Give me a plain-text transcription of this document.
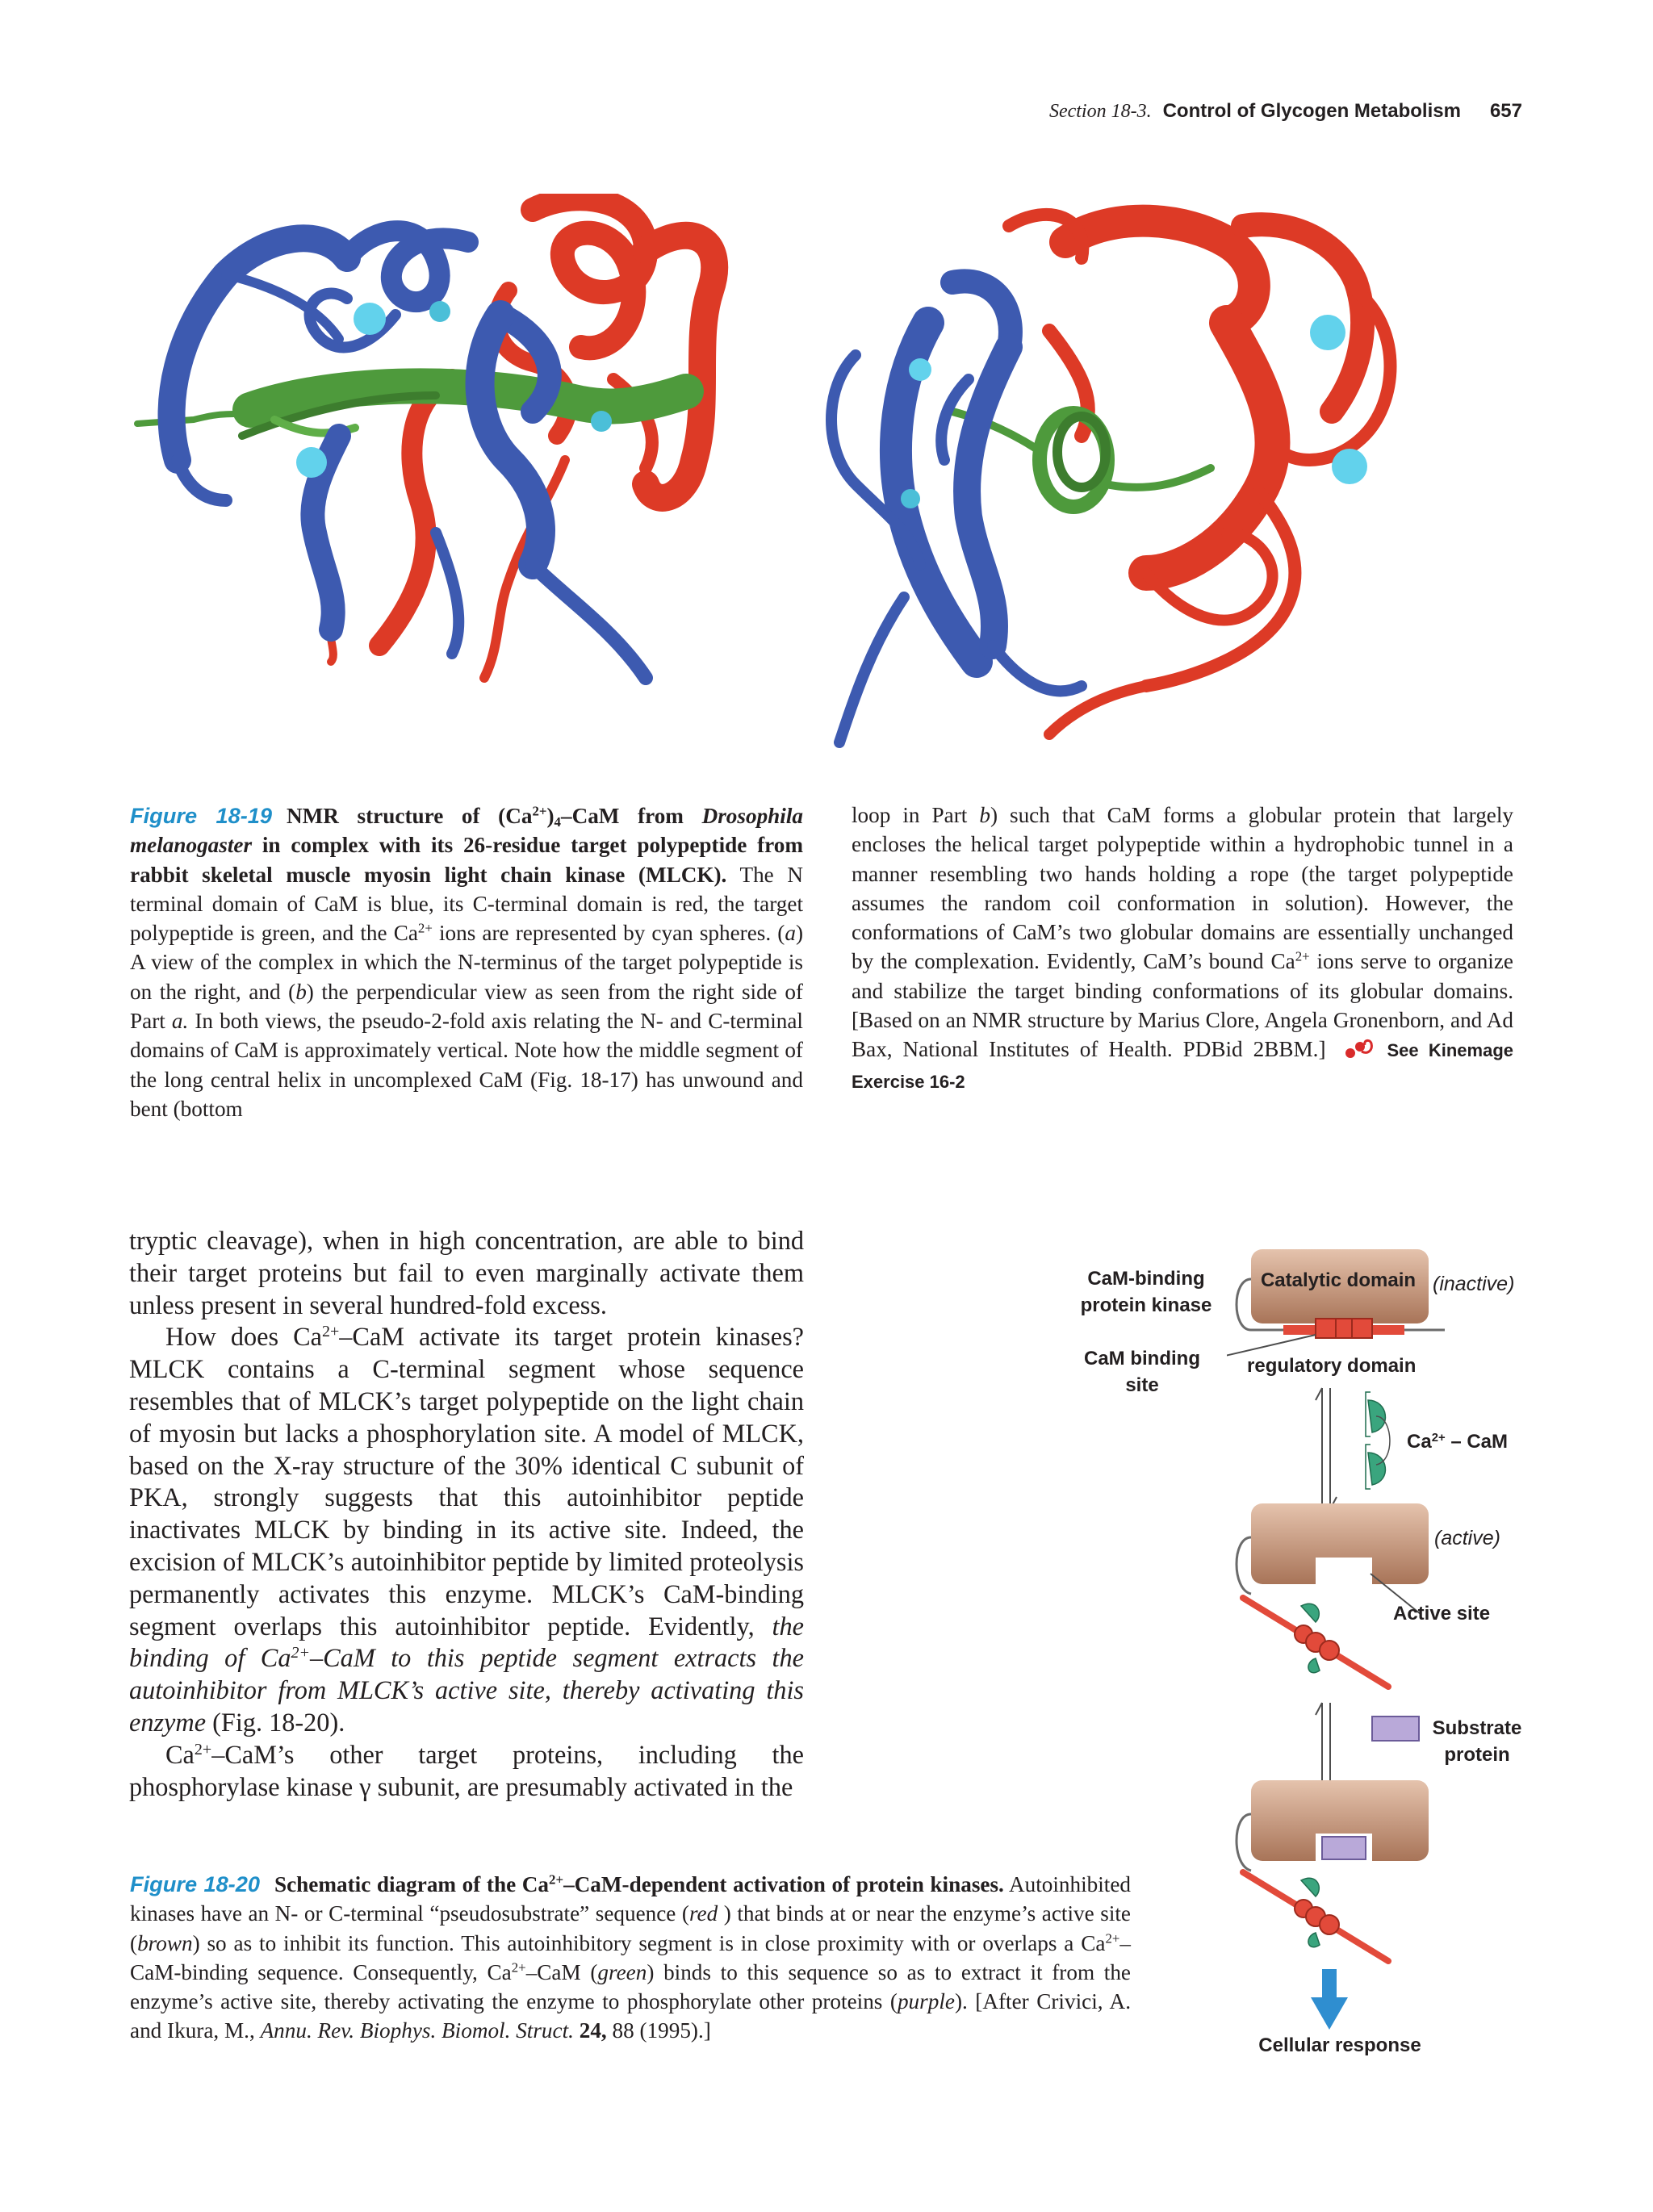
Section 18-3. Control of Glycogen Metabolism 657
Figure 18-19 NMR structure of $(Ca^{2+})_4$–CaM from Drosophila melanogaster in complex with its 26-residue target polypeptide from rabbit skeletal muscle myosin light chain kinase (MLCK). The N terminal domain of CaM is blue, its C-terminal domain is red, the target polypeptide is green, and the $Ca^{2+}$ ions are represented by cyan spheres. (a) A view of the complex in which the N-terminus of the target polypeptide is on the right, and (b) the perpendicular view as seen from the right side of Part a. In both views, the pseudo-2-fold axis relating the N- and C-terminal domains of CaM is approximately vertical. Note how the middle segment of the long central helix in uncomplexed CaM (Fig. 18-17) has unwound and bent (bottom
loop in Part b) such that CaM forms a globular protein that largely encloses the helical target polypeptide within a hydrophobic tunnel in a manner resembling two hands holding a rope (the target polypeptide assumes the random coil conformation in solution). However, the conformations of CaM’s two globular domains are essentially unchanged by the complexation. Evidently, CaM’s bound $Ca^{2+}$ ions serve to organize and stabilize the target binding conformations of its globular domains. [Based on an NMR structure by Marius Clore, Angela Gronenborn, and Ad Bax, National Institutes of Health. PDBid 2BBM.]	See Kinemage Exercise 16-2

tryptic cleavage), when in high concentration, are able to bind their target proteins but fail to even marginally activate them unless present in several hundred-fold excess.

How does $Ca^{2+}$–CaM activate its target protein kinases? MLCK contains a C-terminal segment whose sequence resembles that of MLCK’s target polypeptide on the light chain of myosin but lacks a phosphorylation site. A model of MLCK, based on the X-ray structure of the 30% identical C subunit of PKA, strongly suggests that this autoinhibitor peptide inactivates MLCK by binding in its active site. Indeed, the excision of MLCK’s autoinhibitor peptide by limited proteolysis permanently activates this enzyme. MLCK’s CaM-binding segment overlaps this autoinhibitor peptide. Evidently, the binding of $Ca^{2+}$–CaM to this peptide segment extracts the autoinhibitor from MLCK’s active site, thereby activating this enzyme (Fig. 18-20).

$Ca^{2+}-CaM’s$ other target proteins, including the phosphorylase kinase γ subunit, are presumably activated in the

Figure 18-20 Schematic diagram of the $Ca^{2+}-CaM$-dependent activation of protein kinases. Autoinhibited kinases have an N- or C-terminal “pseudosubstrate” sequence (red ) that binds at or near the enzyme’s active site (brown) so as to inhibit its function. This autoinhibitory segment is in close proximity with or overlaps a $Ca^{2+}-CaM$-binding sequence. Consequently, $Ca^{2+}$–CaM (green) binds to this sequence so as to extract it from the enzyme’s active site, thereby activating the enzyme to phosphorylate other proteins (purple). [After Crivici, A. and Ikura, M., Annu. Rev. Biophys. Biomol. Struct. 24, 88 (1995).]
CaM-binding
protein kinase
Catalytic domain (inactive)
CaM binding
site
regulatory domain
$Ca^{2+}$ – CaM
(active)
Active site
Substrate
protein
Cellular response
